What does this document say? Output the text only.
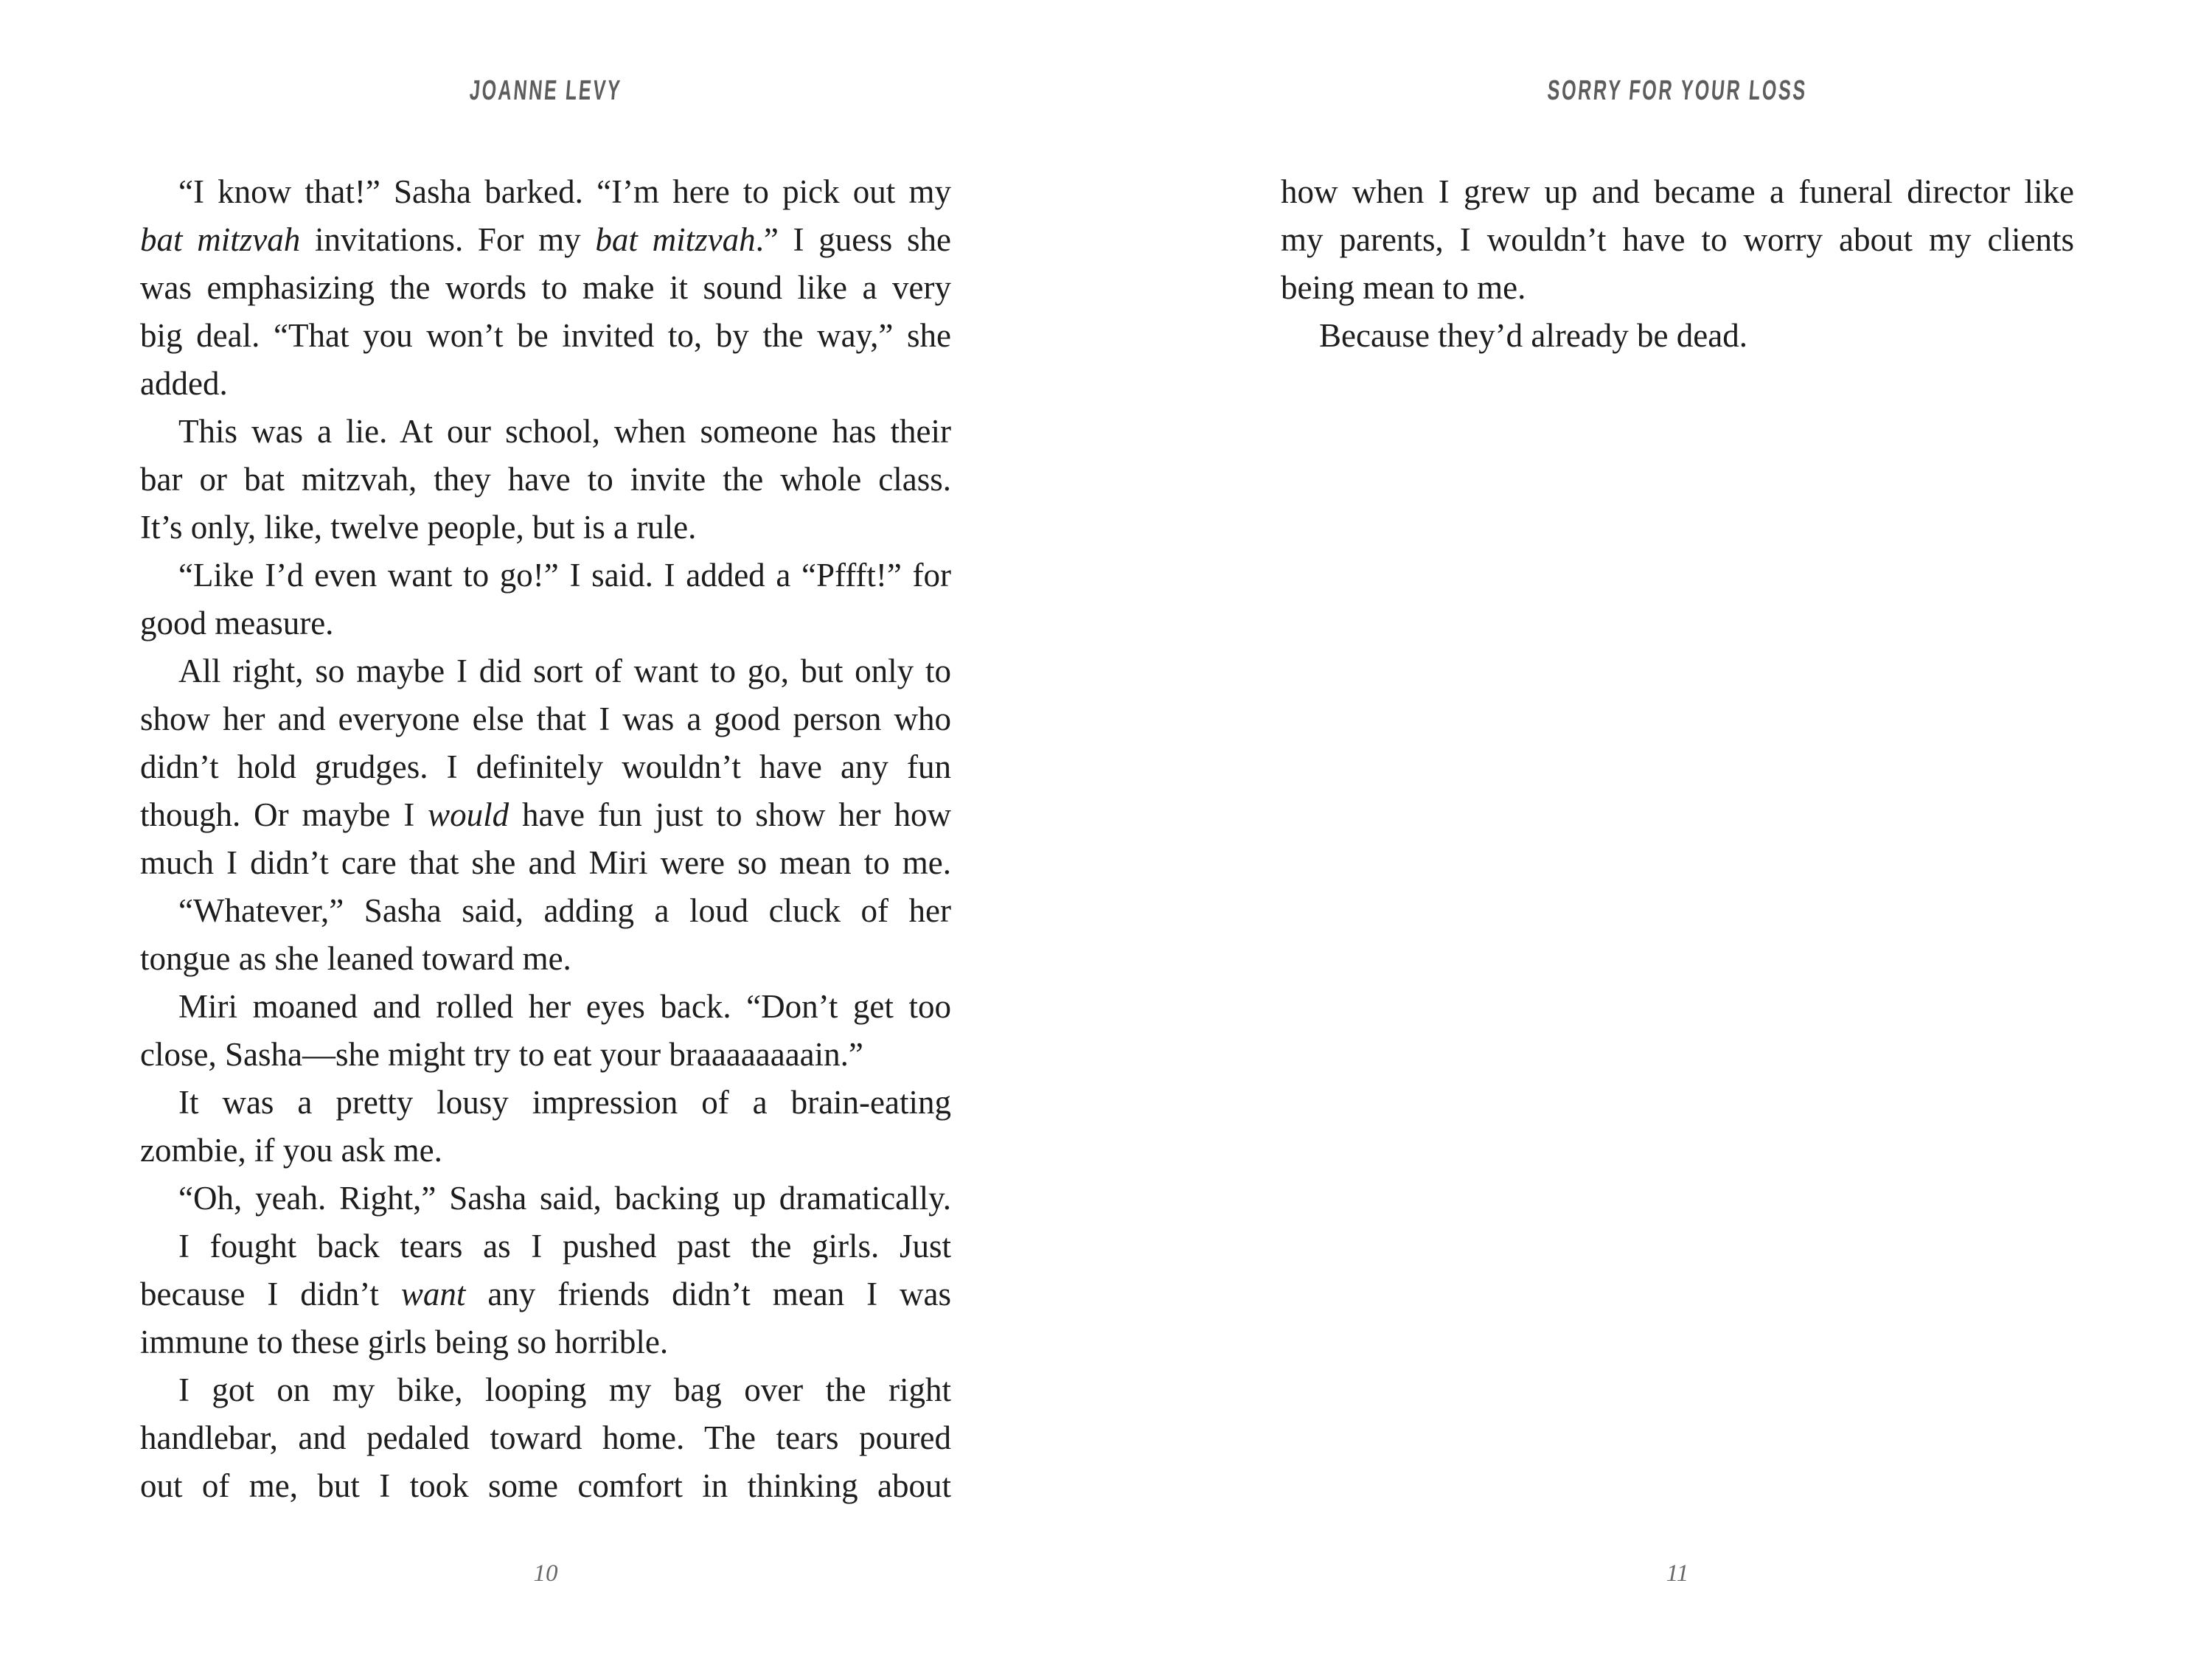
JOANNE LEVY
“I know that!” Sasha barked. “I’m here to pick out my
bat mitzvah invitations. For my bat mitzvah.” I guess she
was emphasizing the words to make it sound like a very
big deal. “That you won’t be invited to, by the way,” she
added.
This was a lie. At our school, when someone has their
bar or bat mitzvah, they have to invite the whole class.
It’s only, like, twelve people, but is a rule.
“Like I’d even want to go!” I said. I added a “Pffft!” for
good measure.
All right, so maybe I did sort of want to go, but only to
show her and everyone else that I was a good person who
didn’t hold grudges. I definitely wouldn’t have any fun
though. Or maybe I would have fun just to show her how
much I didn’t care that she and Miri were so mean to me.
“Whatever,” Sasha said, adding a loud cluck of her
tongue as she leaned toward me.
Miri moaned and rolled her eyes back. “Don’t get too
close, Sasha—she might try to eat your braaaaaaaain.”
It was a pretty lousy impression of a brain-eating
zombie, if you ask me.
“Oh, yeah. Right,” Sasha said, backing up dramatically.
I fought back tears as I pushed past the girls. Just
because I didn’t want any friends didn’t mean I was
immune to these girls being so horrible.
I got on my bike, looping my bag over the right
handlebar, and pedaled toward home. The tears poured
out of me, but I took some comfort in thinking about
10
SORRY FOR YOUR LOSS
how when I grew up and became a funeral director like
my parents, I wouldn’t have to worry about my clients
being mean to me.
Because they’d already be dead.
11
